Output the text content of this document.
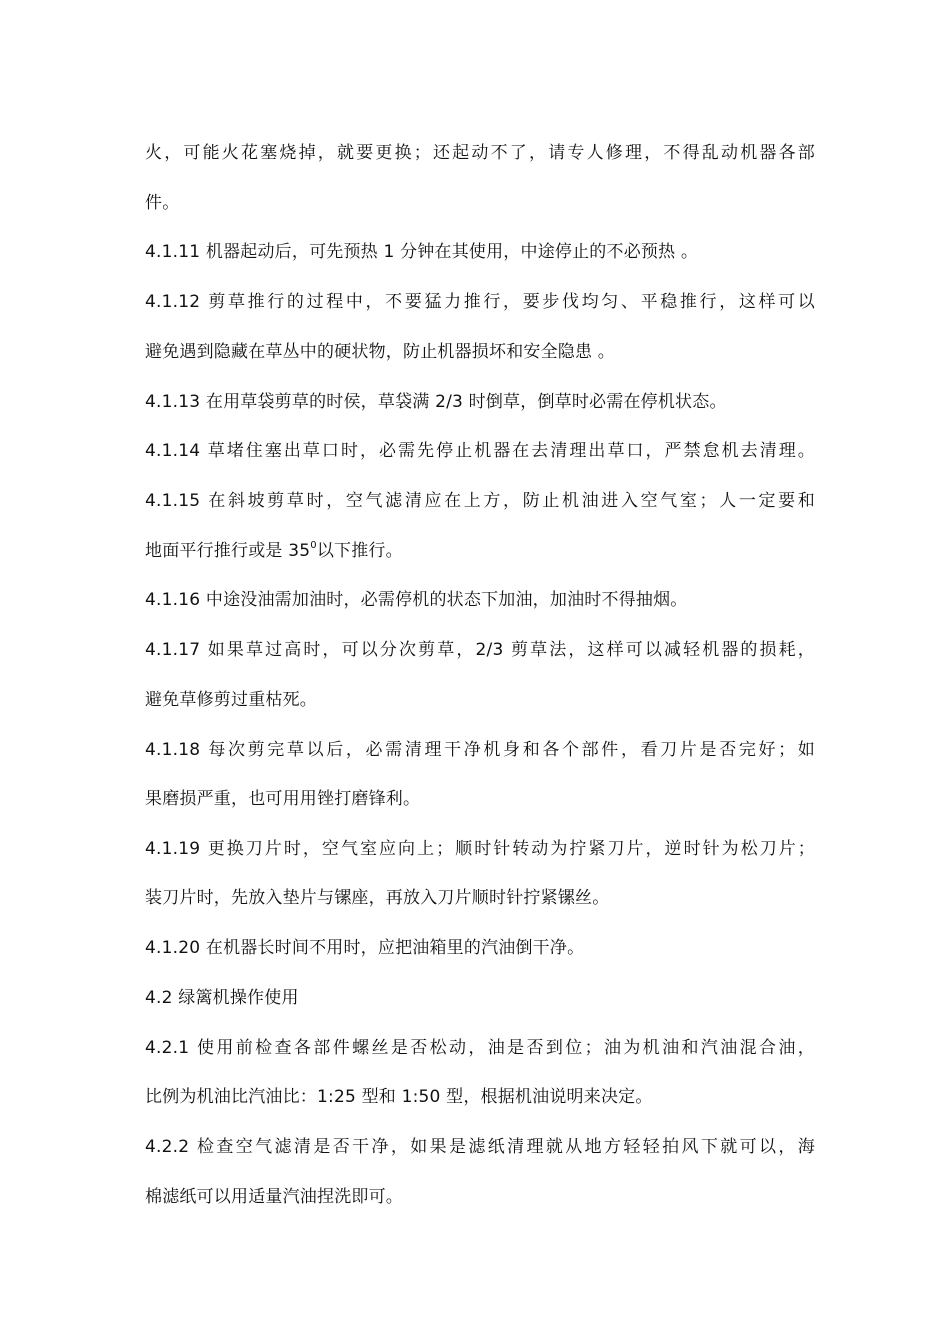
火，可能火花塞烧掉，就要更换；还起动不了，请专人修理，不得乱动机器各部
件。
4.1.11 机器起动后，可先预热 1 分钟在其使用，中途停止的不必预热 。
4.1.12 剪草推行的过程中，不要猛力推行，要步伐均匀、平稳推行，这样可以
避免遇到隐藏在草丛中的硬状物，防止机器损坏和安全隐患 。
4.1.13 在用草袋剪草的时侯，草袋满 2/3 时倒草，倒草时必需在停机状态。
4.1.14 草堵住塞出草口时，必需先停止机器在去清理出草口，严禁怠机去清理。
4.1.15 在斜坡剪草时，空气滤清应在上方，防止机油进入空气室；人一定要和
地面平行推行或是 $35^0$以下推行。
4.1.16 中途没油需加油时，必需停机的状态下加油，加油时不得抽烟。
4.1.17 如果草过高时，可以分次剪草，2/3 剪草法，这样可以减轻机器的损耗，
避免草修剪过重枯死。
4.1.18 每次剪完草以后，必需清理干净机身和各个部件，看刀片是否完好；如
果磨损严重，也可用用锉打磨锋利。
4.1.19 更换刀片时，空气室应向上；顺时针转动为拧紧刀片，逆时针为松刀片；
装刀片时，先放入垫片与镙座，再放入刀片顺时针拧紧镙丝。
4.1.20 在机器长时间不用时，应把油箱里的汽油倒干净。
4.2 绿篱机操作使用
4.2.1 使用前检查各部件螺丝是否松动，油是否到位；油为机油和汽油混合油，
比例为机油比汽油比：1:25 型和 1:50 型，根据机油说明来决定。
4.2.2 检查空气滤清是否干净，如果是滤纸清理就从地方轻轻拍风下就可以，海
棉滤纸可以用适量汽油捏洗即可。
